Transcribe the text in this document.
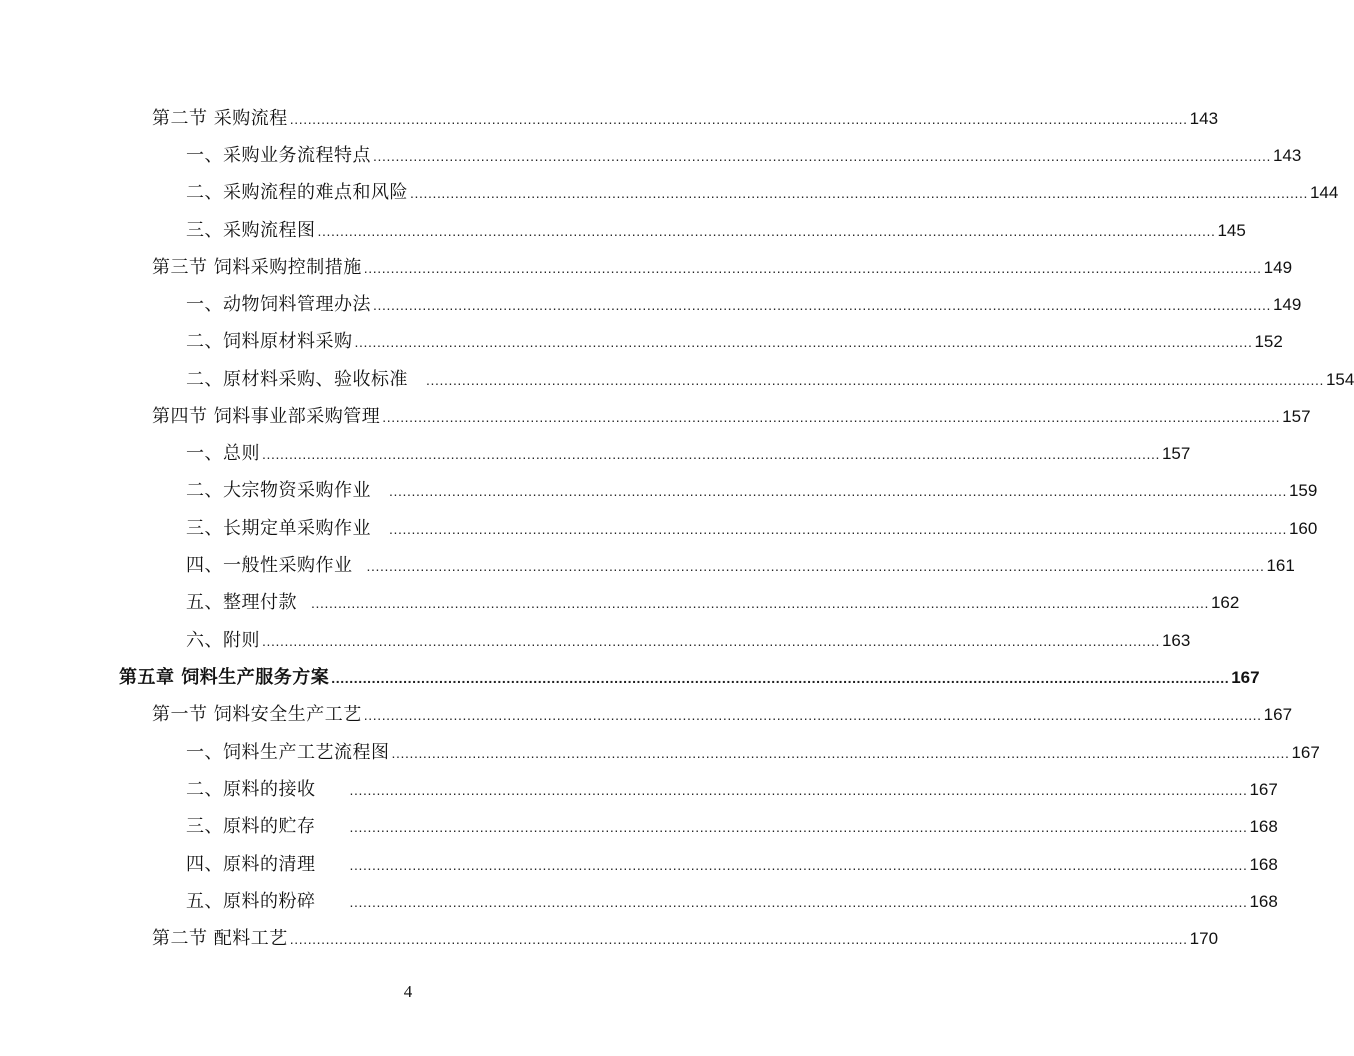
第二节 采购流程 ........................................................................................................................................................................................................ 143
一、采购业务流程特点 ........................................................................................................................................................................................................ 143
二、采购流程的难点和风险 ........................................................................................................................................................................................................ 144
三、采购流程图 ........................................................................................................................................................................................................ 145
第三节 饲料采购控制措施 ........................................................................................................................................................................................................ 149
一、动物饲料管理办法 ........................................................................................................................................................................................................ 149
二、饲料原材料采购 ........................................................................................................................................................................................................ 152
二、原材料采购、验收标准 ........................................................................................................................................................................................................ 154
第四节 饲料事业部采购管理 ........................................................................................................................................................................................................ 157
一、总则 ........................................................................................................................................................................................................ 157
二、大宗物资采购作业 ........................................................................................................................................................................................................ 159
三、长期定单采购作业 ........................................................................................................................................................................................................ 160
四、一般性采购作业 ........................................................................................................................................................................................................ 161
五、整理付款 ........................................................................................................................................................................................................ 162
六、附则 ........................................................................................................................................................................................................ 163
第五章 饲料生产服务方案 ........................................................................................................................................................................................................ 167
第一节 饲料安全生产工艺 ........................................................................................................................................................................................................ 167
一、饲料生产工艺流程图 ........................................................................................................................................................................................................ 167
二、原料的接收 ........................................................................................................................................................................................................ 167
三、原料的贮存 ........................................................................................................................................................................................................ 168
四、原料的清理 ........................................................................................................................................................................................................ 168
五、原料的粉碎 ........................................................................................................................................................................................................ 168
第二节 配料工艺 ........................................................................................................................................................................................................ 170
4
